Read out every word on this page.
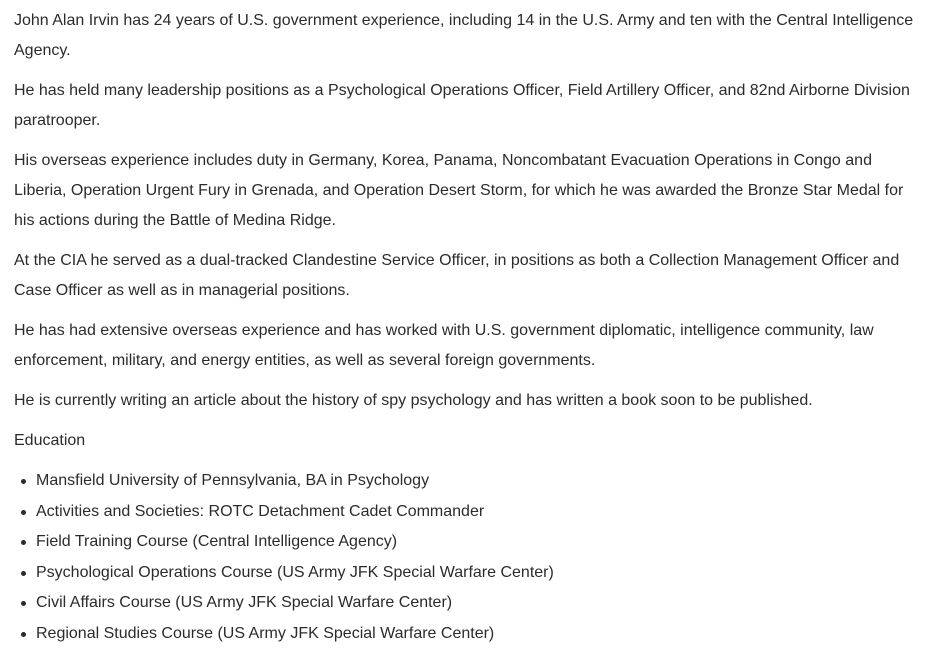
John Alan Irvin has 24 years of U.S. government experience, including 14 in the U.S. Army and ten with the Central Intelligence Agency.

He has held many leadership positions as a Psychological Operations Officer, Field Artillery Officer, and 82nd Airborne Division paratrooper.

His overseas experience includes duty in Germany, Korea, Panama, Noncombatant Evacuation Operations in Congo and Liberia, Operation Urgent Fury in Grenada, and Operation Desert Storm, for which he was awarded the Bronze Star Medal for his actions during the Battle of Medina Ridge.

At the CIA he served as a dual-tracked Clandestine Service Officer, in positions as both a Collection Management Officer and Case Officer as well as in managerial positions.

He has had extensive overseas experience and has worked with U.S. government diplomatic, intelligence community, law enforcement, military, and energy entities, as well as several foreign governments.

He is currently writing an article about the history of spy psychology and has written a book soon to be published.

Education
Mansfield University of Pennsylvania, BA in Psychology
Activities and Societies: ROTC Detachment Cadet Commander
Field Training Course (Central Intelligence Agency)
Psychological Operations Course (US Army JFK Special Warfare Center)
Civil Affairs Course (US Army JFK Special Warfare Center)
Regional Studies Course (US Army JFK Special Warfare Center)
